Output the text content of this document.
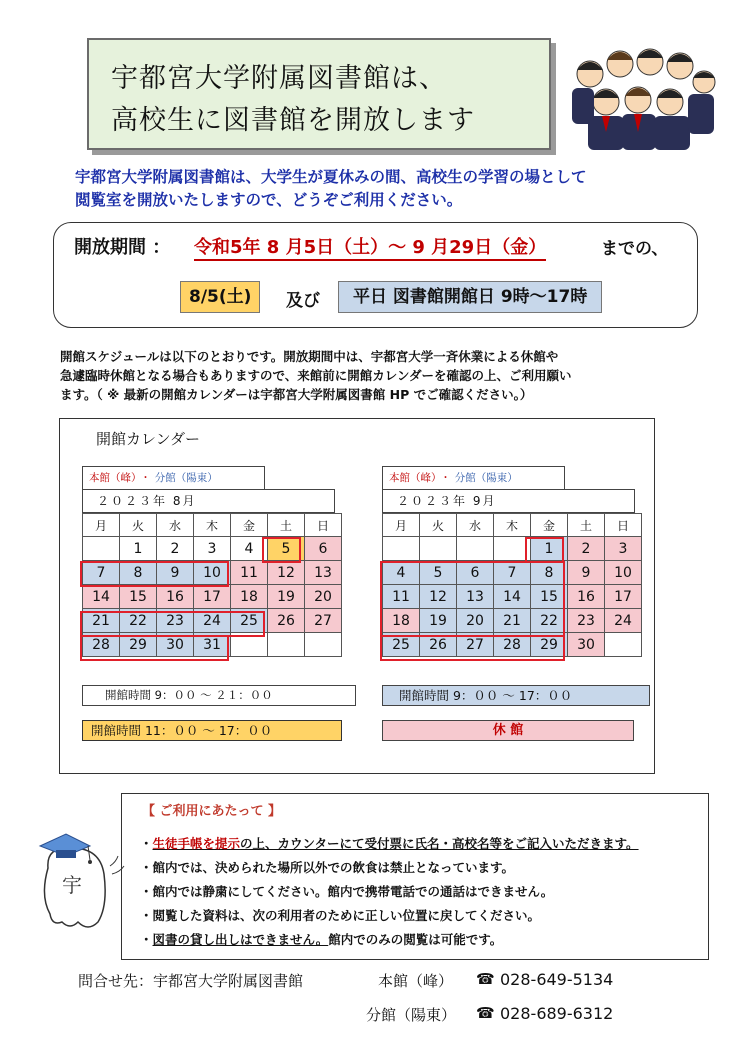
宇都宮大学附属図書館は、
高校生に図書館を開放します
宇都宮大学附属図書館は、大学生が夏休みの間、高校生の学習の場として
閲覧室を開放いたしますので、どうぞご利用ください。
開放期間 ： 令和5年 8 月5日（土）～ 9 月29日（金）	までの、
8/5(土)	及び	平日 図書館開館日 9時～17時
開館スケジュールは以下のとおりです。開放期間中は、宇都宮大学一斉休業による休館や
急遽臨時休館となる場合もありますので、来館前に開館カレンダーを確認の上、ご利用願い
ます。（ ※ 最新の開館カレンダーは宇都宮大学附属図書館 HP でご確認ください。）
開館カレンダー
本館（峰） ・ 分館（陽東）
２０２３年 8月
月	火	水	木	金	土	日
	1	2	3	4	5	6
7	8	9	10	11	12	13
14	15	16	17	18	19	20
21	22	23	24	25	26	27
28	29	30	31			
本館（峰） ・ 分館（陽東）
２０２３年 9月
月	火	水	木	金	土	日
				1	2	3
4	5	6	7	8	9	10
11	12	13	14	15	16	17
18	19	20	21	22	23	24
25	26	27	28	29	30	
開館時間 9：００ ～ ２１：００
開館時間 11：００ ～ 17：００
開館時間 9：００ ～ 17：００
休 館
【 ご利用にあたって 】
・生徒手帳を提示の上、カウンターにて受付票に氏名・高校名等をご記入いただきます。
・館内では、決められた場所以外での飲食は禁止となっています。
・館内では静粛にしてください。館内で携帯電話での通話はできません。
・閲覧した資料は、次の利用者のために正しい位置に戻してください。
・図書の貸し出しはできません。館内でのみの閲覧は可能です。
宇
問合せ先：宇都宮大学附属図書館	本館（峰） ☎ 028-649-5134
分館（陽東） ☎ 028-689-6312
